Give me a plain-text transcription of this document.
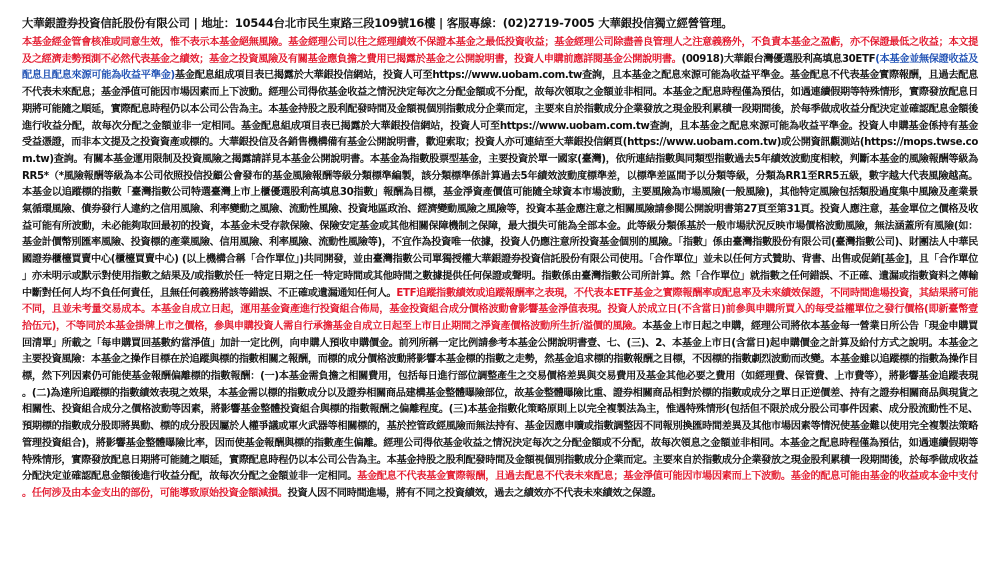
大華銀證券投資信託股份有限公司 | 地址：10544台北市民生東路三段109號16樓 | 客服專線：(02)2719-7005 大華銀投信獨立經營管理。

本基金經金管會核准或同意生效，惟不表示本基金絕無風險。基金經理公司以往之經理績效不保證本基金之最低投資收益；基金經理公司除盡善良管理人之注意義務外，不負責本基金之盈虧，亦不保證最低之收益；本文提及之經濟走勢預測不必然代表基金之績效；基金之投資風險及有關基金應負擔之費用已揭露於基金之公開說明書，投資人申購前應詳閱基金公開說明書。(00918)大華銀台灣優選股利高填息30ETF(本基金並無保證收益及配息且配息來源可能為收益平準金)基金配息組成項目表已揭露於大華銀投信網站，投資人可至https://www.uobam.com.tw查詢，且本基金之配息來源可能為收益平準金。基金配息不代表基金實際報酬，且過去配息不代表未來配息；基金淨值可能因市場因素而上下波動。經理公司得依基金收益之情況決定每次之分配金額或不分配，故每次領取之金額並非相同。本基金之配息時程僅為預估，如遇連續假期等特殊情形，實際發放配息日期將可能隨之順延，實際配息時程仍以本公司公告為主。本基金持股之股利配發時間及金額視個別指數成分企業而定，主要來自於指數成分企業發放之現金股利累積一段期間後，於每季做成收益分配決定並確認配息金額後進行收益分配，故每次分配之金額並非一定相同。基金配息組成項目表已揭露於大華銀投信網站，投資人可至https://www.uobam.com.tw查詢，且本基金之配息來源可能為收益平準金。投資人申購基金係持有基金受益憑證，而非本文提及之投資資產或標的。大華銀投信及各銷售機構備有基金公開說明書，歡迎索取；投資人亦可連結至大華銀投信網頁(https://www.uobam.com.tw)或公開資訊觀測站(https://mops.twse.com.tw)查詢。有關本基金運用限制及投資風險之揭露請詳見本基金公開說明書。本基金為指數股票型基金，主要投資於單一國家(臺灣)，依所連結指數與同類型指數過去5年績效波動度相較，判斷本基金的風險報酬等級為RR5*（*風險報酬等級為本公司依照投信投顧公會發布的基金風險報酬等級分類標準編製，該分類標準係計算過去5年績效波動度標準差，以標準差區間予以分類等級，分類為RR1至RR5五級，數字越大代表風險越高。本基金以追蹤標的指數「臺灣指數公司特選臺灣上市上櫃優選股利高填息30指數」報酬為目標，基金淨資產價值可能隨全球資本市場波動，主要風險為市場風險(一般風險)，其他特定風險包括類股過度集中風險及產業景氣循環風險、債券發行人違約之信用風險、利率變動之風險、流動性風險、投資地區政治、經濟變動風險之風險等，投資本基金應注意之相關風險請參閱公開說明書第27頁至第31頁。投資人應注意，基金單位之價格及收益可能有所波動，未必能夠取回最初的投資，本基金未受存款保險、保險安定基金或其他相關保障機制之保障，最大損失可能為全部本金。此等級分類係基於一般市場狀況反映市場價格波動風險，無法涵蓋所有風險(如：基金計價幣別匯率風險、投資標的產業風險、信用風險、利率風險、流動性風險等)，不宜作為投資唯一依據，投資人仍應注意所投資基金個別的風險。「指數」係由臺灣指數股份有限公司(臺灣指數公司)、財團法人中華民國證券櫃檯買賣中心(櫃檯買賣中心) (以上機構合稱「合作單位」)共同開發，並由臺灣指數公司單獨授權大華銀證券投資信託股份有限公司使用。「合作單位」並未以任何方式贊助、背書、出售或促銷[基金]，且「合作單位」亦未明示或默示對使用指數之結果及/或指數於任一特定日期之任一特定時間或其他時間之數據提供任何保證或聲明。指數係由臺灣指數公司所計算。然「合作單位」就指數之任何錯誤、不正確、遺漏或指數資料之傳輸中斷對任何人均不負任何責任，且無任何義務將該等錯誤、不正確或遺漏通知任何人。ETF追蹤指數績效或追蹤報酬率之表現，不代表本ETF基金之實際報酬率或配息率及未來績效保證，不同時間進場投資，其結果將可能不同，且並未考量交易成本。本基金自成立日起，運用基金資產進行投資組合佈局，基金投資組合成分價格波動會影響基金淨值表現。投資人於成立日(不含當日)前參與申購所買入的每受益權單位之發行價格(即新臺幣壹拾伍元)，不等同於本基金掛牌上市之價格，參與申購投資人需自行承擔基金自成立日起至上市日止期間之淨資產價格波動所生折/溢價的風險。本基金上市日起之申購，經理公司將依本基金每一營業日所公告「現金申購買回清單」所載之「每申購買回基數約當淨值」加計一定比例，向申購人預收申購價金。前列所稱一定比例請參考本基金公開說明書壹、七、(三)、2、本基金上市日(含當日)起申購價金之計算及給付方式之說明。本基金之主要投資風險：本基金之操作目標在於追蹤與標的指數相關之報酬，而標的成分價格波動將影響本基金標的指數之走勢，然基金追求標的指數報酬之目標，不因標的指數劇烈波動而改變。本基金雖以追蹤標的指數為操作目標，然下列因素仍可能使基金報酬偏離標的指數報酬：(一)本基金需負擔之相關費用，包括每日進行部位調整產生之交易價格差異與交易費用及基金其他必要之費用（如經理費、保管費、上市費等），將影響基金追蹤表現。(二)為達所追蹤標的指數績效表現之效果，本基金需以標的指數成分以及證券相關商品建構基金整體曝險部位，故基金整體曝險比重、證券相關商品相對於標的指數或成分之單日正逆價差、持有之證券相關商品與現貨之相關性、投資組合成分之價格波動等因素，將影響基金整體投資組合與標的指數報酬之偏離程度。(三)本基金指數化策略原則上以完全複製法為主，惟遇特殊情形(包括但不限於成分股公司事件因素、成分股流動性不足、預期標的指數成分股即將異動、標的成分股因屬於人權爭議或軍火武器等相關標的，基於控管政經風險而無法持有、基金因應申贖或指數調整因不同報別換匯時間差異及其他市場因素等情況使基金難以使用完全複製法策略管理投資組合)，將影響基金整體曝險比率，因而使基金報酬與標的指數產生偏離。經理公司得依基金收益之情況決定每次之分配金額或不分配，故每次領息之金額並非相同。本基金之配息時程僅為預估，如遇連續假期等特殊情形，實際發放配息日期將可能隨之順延，實際配息時程仍以本公司公告為主。本基金持股之股利配發時間及金額視個別指數成分企業而定。主要來自於指數成分企業發放之現金股利累積一段期間後，於每季做成收益分配決定並確認配息金額後進行收益分配，故每次分配之金額並非一定相同。基金配息不代表基金實際報酬，且過去配息不代表未來配息；基金淨值可能因市場因素而上下波動。基金的配息可能由基金的收益或本金中支付。任何涉及由本金支出的部份，可能導致原始投資金額減損。投資人因不同時間進場，將有不同之投資績效，過去之績效亦不代表未來績效之保證。
